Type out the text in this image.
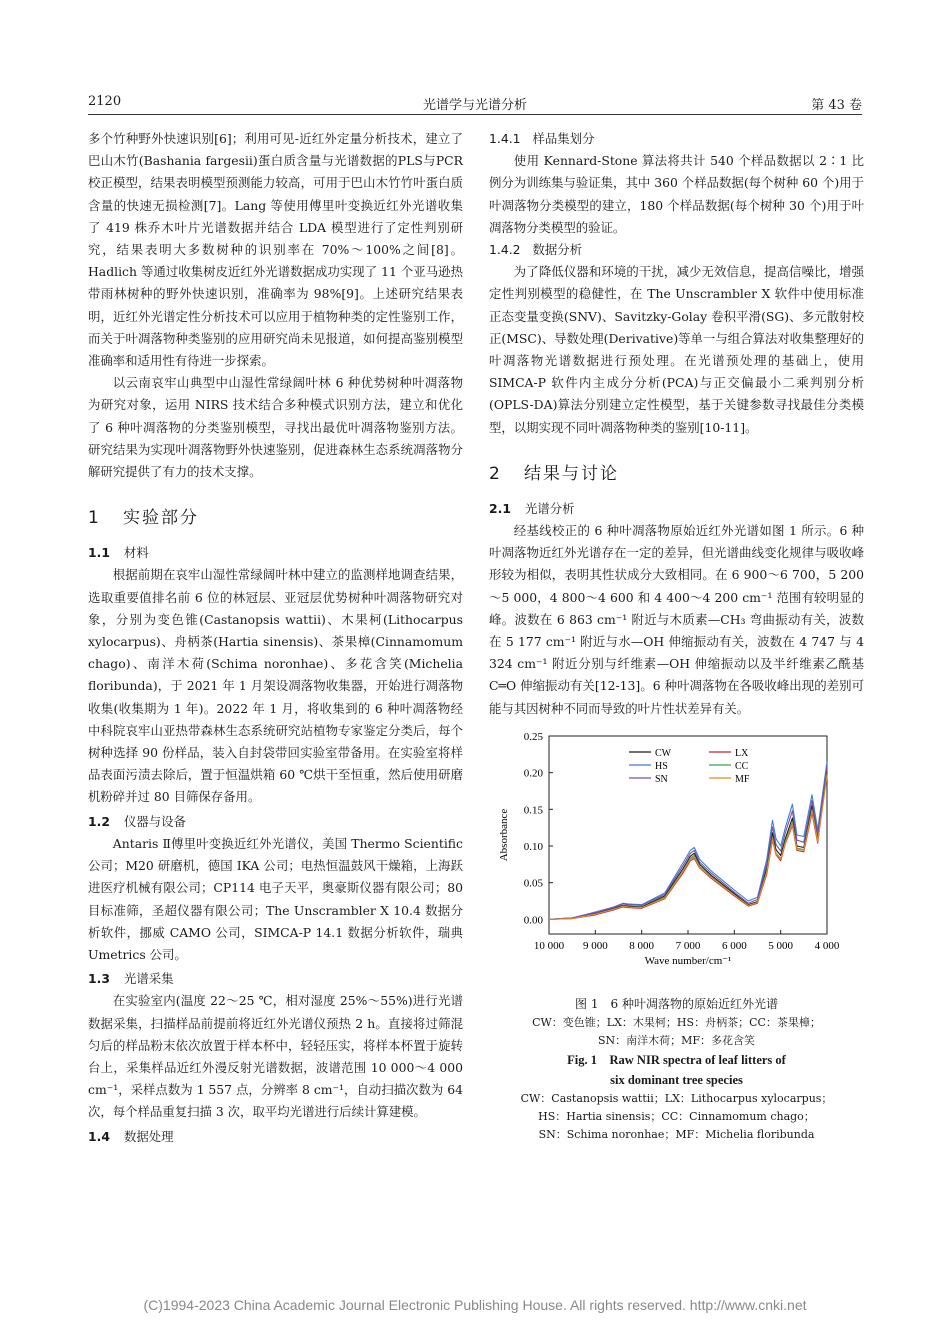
2120	光谱学与光谱分析	第 43 卷

多个竹种野外快速识别[6]；利用可见-近红外定量分析技术，建立了巴山木竹(Bashania fargesii)蛋白质含量与光谱数据的PLS与PCR校正模型，结果表明模型预测能力较高，可用于巴山木竹竹叶蛋白质含量的快速无损检测[7]。Lang 等使用傅里叶变换近红外光谱收集了 419 株乔木叶片光谱数据并结合 LDA 模型进行了定性判别研究，结果表明大多数树种的识别率在 70%～100%之间[8]。Hadlich 等通过收集树皮近红外光谱数据成功实现了 11 个亚马逊热带雨林树种的野外快速识别，准确率为 98%[9]。上述研究结果表明，近红外光谱定性分析技术可以应用于植物种类的定性鉴别工作，而关于叶凋落物种类鉴别的应用研究尚未见报道，如何提高鉴别模型准确率和适用性有待进一步探索。

以云南哀牢山典型中山湿性常绿阔叶林 6 种优势树种叶凋落物为研究对象，运用 NIRS 技术结合多种模式识别方法，建立和优化了 6 种叶凋落物的分类鉴别模型，寻找出最优叶凋落物鉴别方法。研究结果为实现叶凋落物野外快速鉴别，促进森林生态系统凋落物分解研究提供了有力的技术支撑。

1 实验部分
1.1 材料

根据前期在哀牢山湿性常绿阔叶林中建立的监测样地调查结果，选取重要值排名前 6 位的林冠层、亚冠层优势树种叶凋落物研究对象，分别为变色锥(Castanopsis wattii)、木果柯(Lithocarpus xylocarpus)、舟柄茶(Hartia sinensis)、茶果樟(Cinnamomum chago)、南洋木荷(Schima noronhae)、多花含笑(Michelia floribunda)，于 2021 年 1 月架设凋落物收集器，开始进行凋落物收集(收集期为 1 年)。2022 年 1 月，将收集到的 6 种叶凋落物经中科院哀牢山亚热带森林生态系统研究站植物专家鉴定分类后，每个树种选择 90 份样品，装入自封袋带回实验室带备用。在实验室将样品表面污渍去除后，置于恒温烘箱 60 ℃烘干至恒重，然后使用研磨机粉碎并过 80 目筛保存备用。

1.2 仪器与设备

Antaris Ⅱ傅里叶变换近红外光谱仪，美国 Thermo Scientific 公司；M20 研磨机，德国 IKA 公司；电热恒温鼓风干燥箱，上海跃进医疗机械有限公司；CP114 电子天平，奥豪斯仪器有限公司；80 目标准筛，圣超仪器有限公司；The Unscrambler X 10.4 数据分析软件，挪威 CAMO 公司，SIMCA-P 14.1 数据分析软件，瑞典 Umetrics 公司。

1.3 光谱采集

在实验室内(温度 22～25 ℃，相对湿度 25%～55%)进行光谱数据采集，扫描样品前提前将近红外光谱仪预热 2 h。直接将过筛混匀后的样品粉末依次放置于样本杯中，轻轻压实，将样本杯置于旋转台上，采集样品近红外漫反射光谱数据，波谱范围 10 000～4 000 cm⁻¹，采样点数为 1 557 点，分辨率 8 cm⁻¹，自动扫描次数为 64 次，每个样品重复扫描 3 次，取平均光谱进行后续计算建模。

1.4 数据处理
1.4.1 样品集划分

使用 Kennard-Stone 算法将共计 540 个样品数据以 2∶1 比例分为训练集与验证集，其中 360 个样品数据(每个树种 60 个)用于叶凋落物分类模型的建立，180 个样品数据(每个树种 30 个)用于叶凋落物分类模型的验证。

1.4.2 数据分析

为了降低仪器和环境的干扰，减少无效信息，提高信噪比，增强定性判别模型的稳健性，在 The Unscrambler X 软件中使用标准正态变量变换(SNV)、Savitzky-Golay 卷积平滑(SG)、多元散射校正(MSC)、导数处理(Derivative)等单一与组合算法对收集整理好的叶凋落物光谱数据进行预处理。在光谱预处理的基础上，使用 SIMCA-P 软件内主成分分析(PCA)与正交偏最小二乘判别分析(OPLS-DA)算法分别建立定性模型，基于关键参数寻找最佳分类模型，以期实现不同叶凋落物种类的鉴别[10-11]。

2 结果与讨论
2.1 光谱分析

经基线校正的 6 种叶凋落物原始近红外光谱如图 1 所示。6 种叶凋落物近红外光谱存在一定的差异，但光谱曲线变化规律与吸收峰形较为相似，表明其性状成分大致相同。在 6 900～6 700，5 200～5 000，4 800～4 600 和 4 400～4 200 cm⁻¹ 范围有较明显的峰。波数在 6 863 cm⁻¹ 附近与木质素—CH₃ 弯曲振动有关，波数在 5 177 cm⁻¹ 附近与水—OH 伸缩振动有关，波数在 4 747 与 4 324 cm⁻¹ 附近分别与纤维素—OH 伸缩振动以及半纤维素乙酰基 C═O 伸缩振动有关[12-13]。6 种叶凋落物在各吸收峰出现的差别可能与其因树种不同而导致的叶片性状差异有关。

0.00
0.05
0.10
0.15
0.20
0.25
10 000 9 000 8 000 7 000 6 000 5 000 4 000
Wave number/cm⁻¹
Absorbance
CW	LX
HS	CC
SN	MF
图 1　6 种叶凋落物的原始近红外光谱
CW：变色锥；LX：木果柯；HS：舟柄茶；CC：茶果樟；
SN：南洋木荷；MF：多花含笑
Fig. 1　Raw NIR spectra of leaf litters of
six dominant tree species
CW：Castanopsis wattii；LX：Lithocarpus xylocarpus；
HS：Hartia sinensis；CC：Cinnamomum chago；
SN：Schima noronhae；MF：Michelia floribunda
(C)1994-2023 China Academic Journal Electronic Publishing House. All rights reserved. http://www.cnki.net
